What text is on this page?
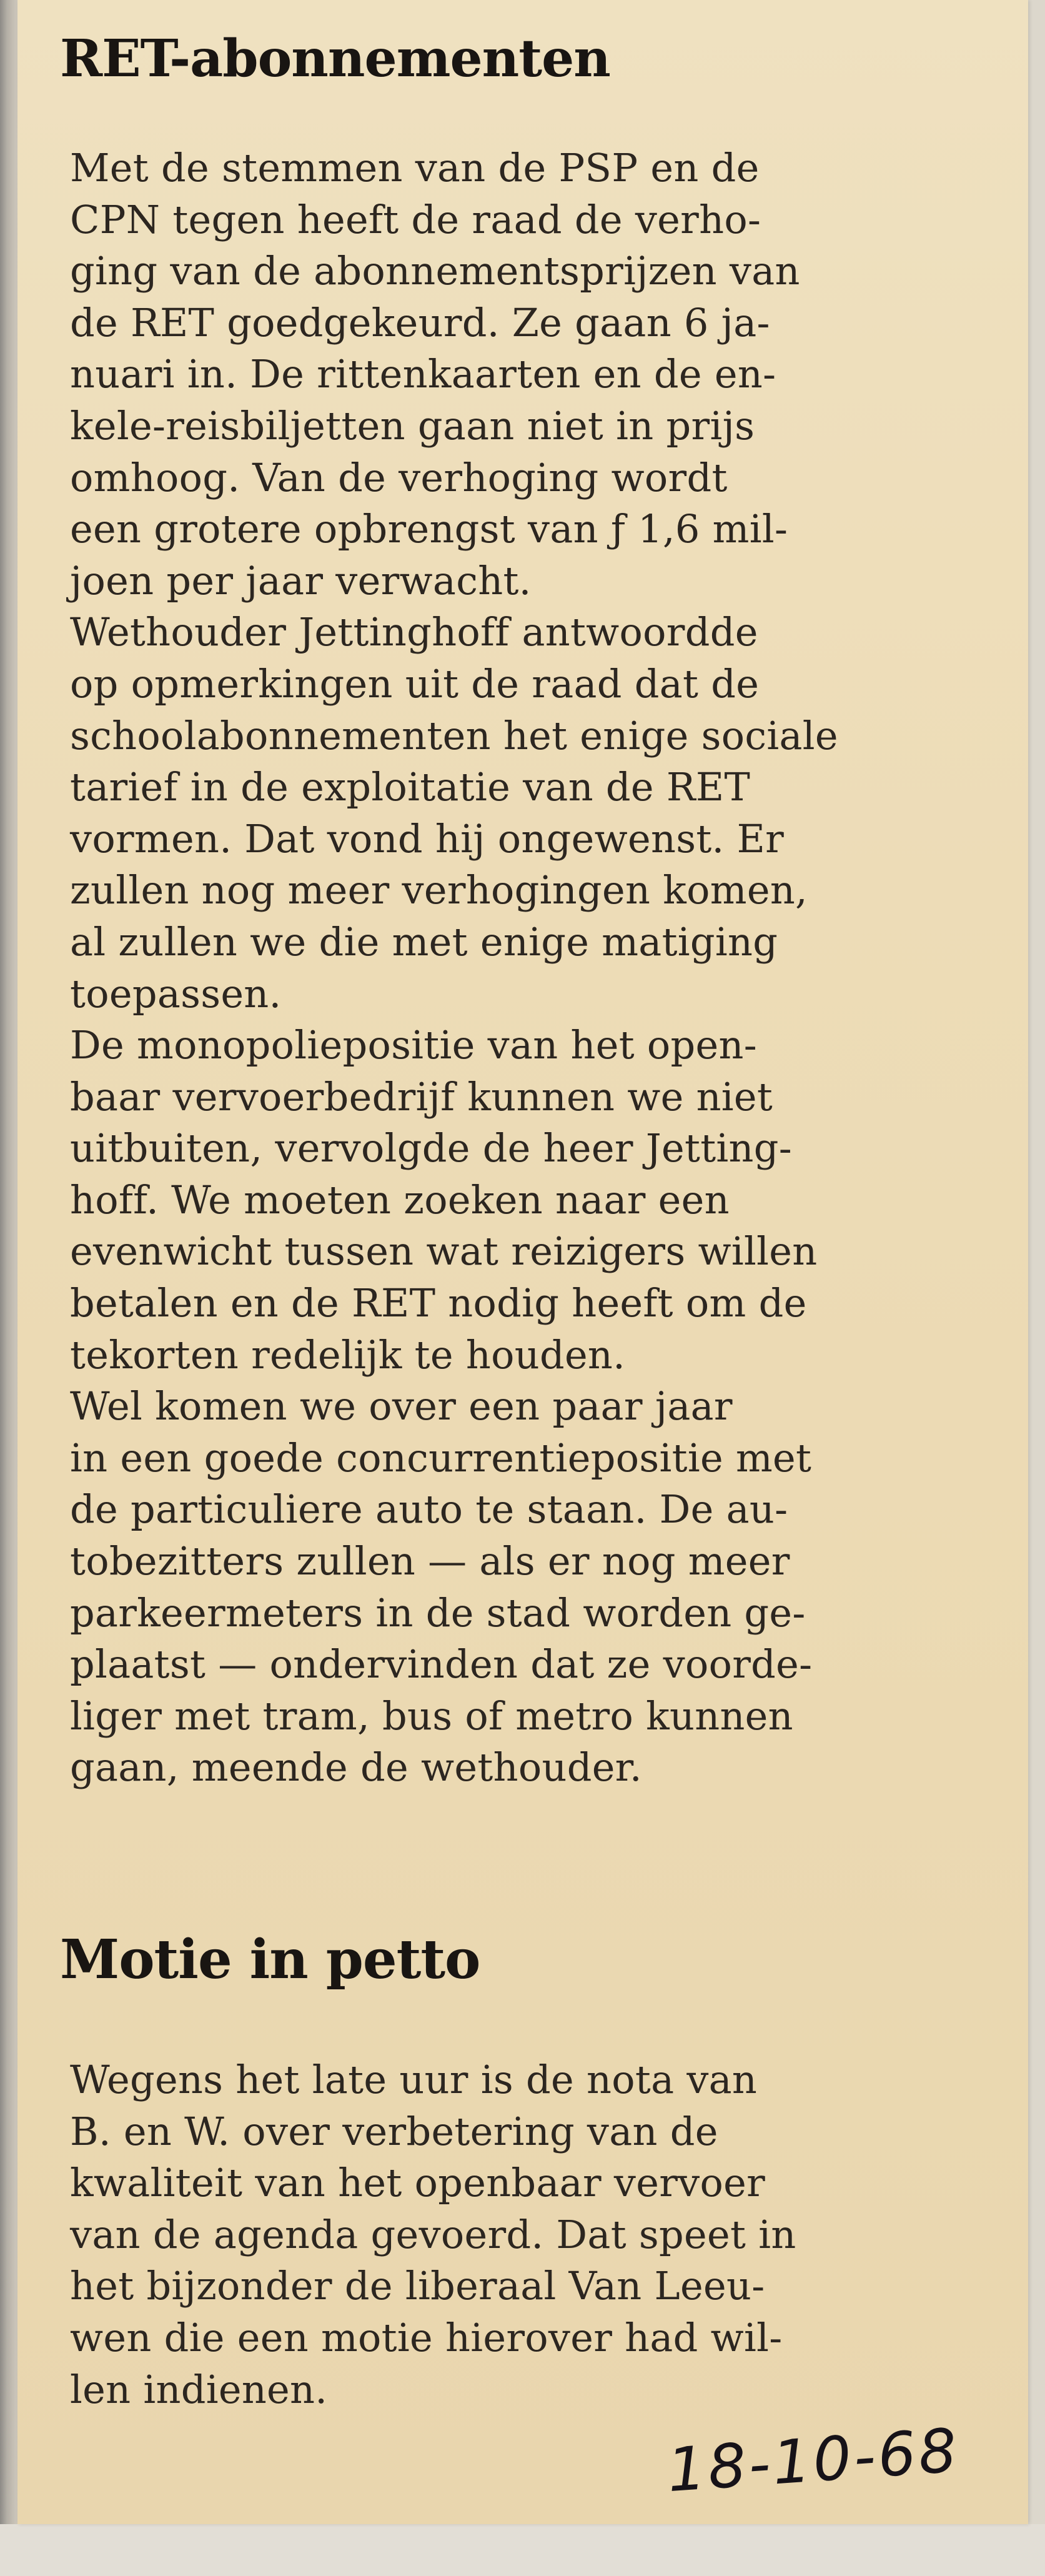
RET-abonnementen

Met de stemmen van de PSP en de
CPN tegen heeft de raad de verho-
ging van de abonnementsprijzen van
de RET goedgekeurd. Ze gaan 6 ja-
nuari in. De rittenkaarten en de en-
kele-reisbiljetten gaan niet in prijs
omhoog. Van de verhoging wordt
een grotere opbrengst van ƒ 1,6 mil-
joen per jaar verwacht.

Wethouder Jettinghoff antwoordde
op opmerkingen uit de raad dat de
schoolabonnementen het enige sociale
tarief in de exploitatie van de RET
vormen. Dat vond hij ongewenst. Er
zullen nog meer verhogingen komen,
al zullen we die met enige matiging
toepassen.

De monopoliepositie van het open-
baar vervoerbedrijf kunnen we niet
uitbuiten, vervolgde de heer Jetting-
hoff. We moeten zoeken naar een
evenwicht tussen wat reizigers willen
betalen en de RET nodig heeft om de
tekorten redelijk te houden.

Wel komen we over een paar jaar
in een goede concurrentiepositie met
de particuliere auto te staan. De au-
tobezitters zullen — als er nog meer
parkeermeters in de stad worden ge-
plaatst — ondervinden dat ze voorde-
liger met tram, bus of metro kunnen
gaan, meende de wethouder.

Motie in petto

Wegens het late uur is de nota van
B. en W. over verbetering van de
kwaliteit van het openbaar vervoer
van de agenda gevoerd. Dat speet in
het bijzonder de liberaal Van Leeu-
wen die een motie hierover had wil-
len indienen.

18-10-68
